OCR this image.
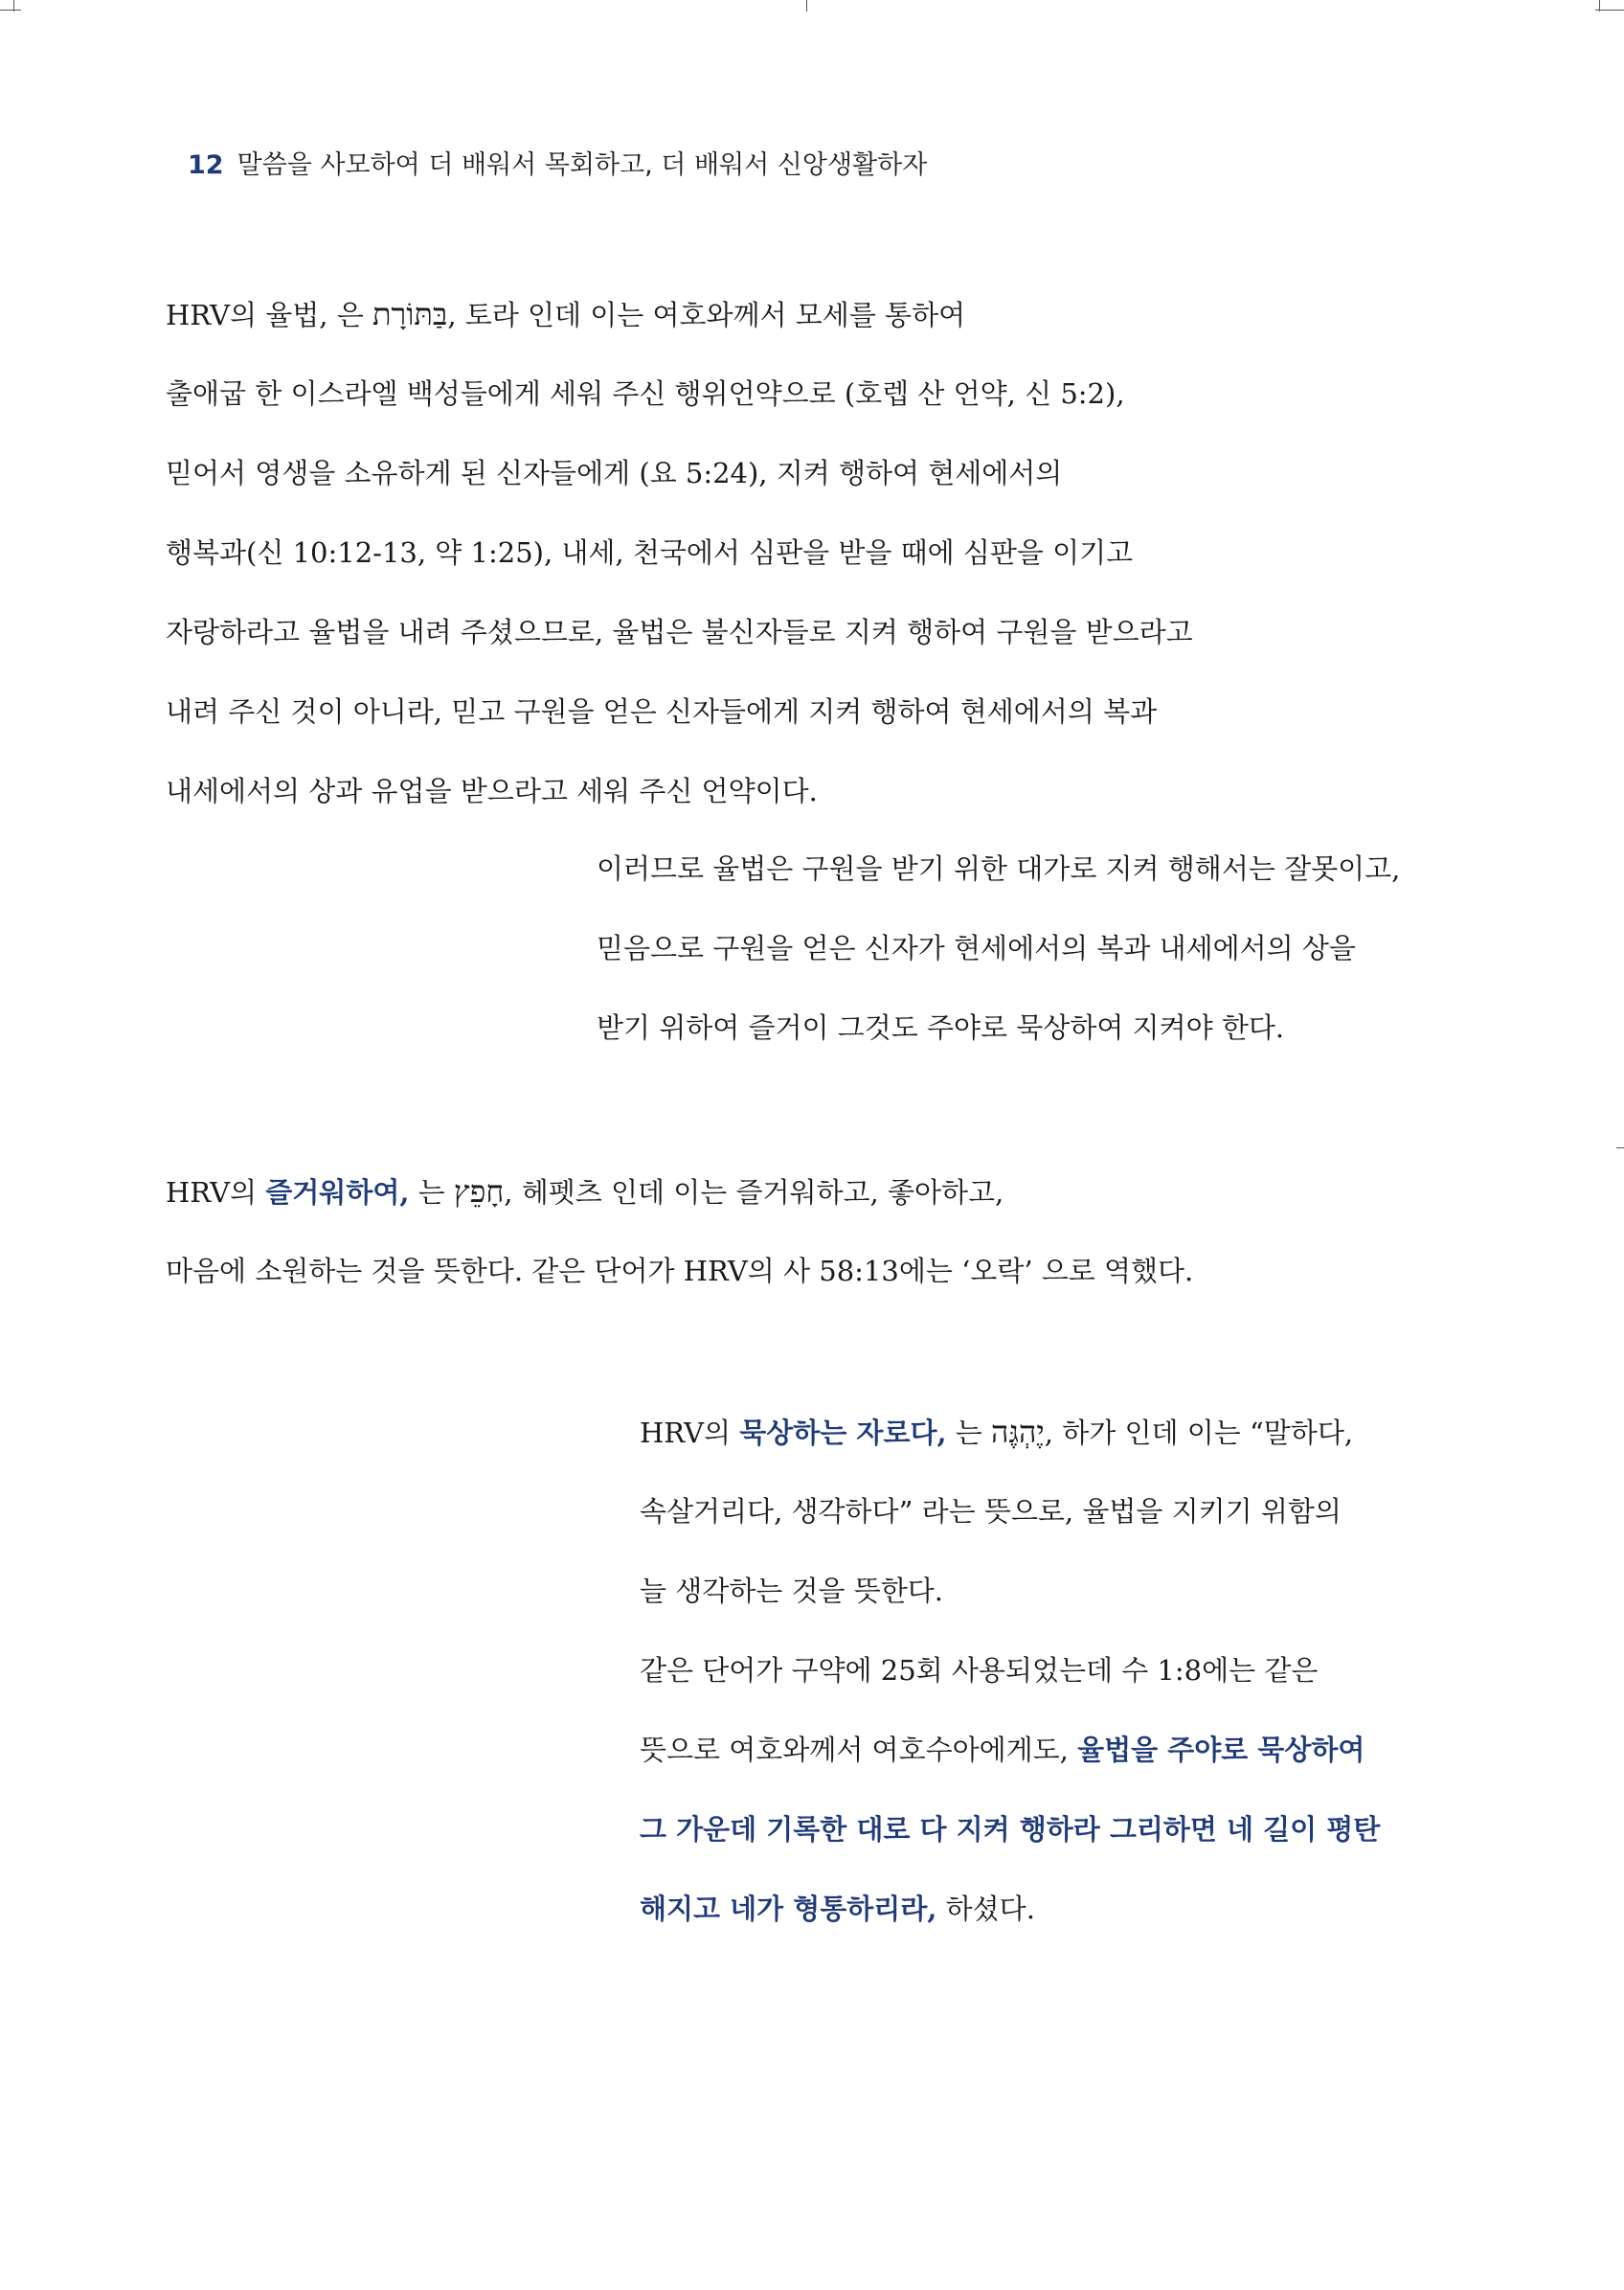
12 말씀을 사모하여 더 배워서 목회하고, 더 배워서 신앙생활하자
HRV의 율법, 은 בַּתּוֹרָת, 토라 인데 이는 여호와께서 모세를 통하여
출애굽 한 이스라엘 백성들에게 세워 주신 행위언약으로 (호렙 산 언약, 신 5:2),
믿어서 영생을 소유하게 된 신자들에게 (요 5:24), 지켜 행하여 현세에서의
행복과(신 10:12-13, 약 1:25), 내세, 천국에서 심판을 받을 때에 심판을 이기고
자랑하라고 율법을 내려 주셨으므로, 율법은 불신자들로 지켜 행하여 구원을 받으라고
내려 주신 것이 아니라, 믿고 구원을 얻은 신자들에게 지켜 행하여 현세에서의 복과
내세에서의 상과 유업을 받으라고 세워 주신 언약이다.
이러므로 율법은 구원을 받기 위한 대가로 지켜 행해서는 잘못이고,
믿음으로 구원을 얻은 신자가 현세에서의 복과 내세에서의 상을
받기 위하여 즐거이 그것도 주야로 묵상하여 지켜야 한다.
HRV의 즐거워하여, 는 חָפֵץ, 헤펫츠 인데 이는 즐거워하고, 좋아하고,
마음에 소원하는 것을 뜻한다. 같은 단어가 HRV의 사 58:13에는 ‘오락’ 으로 역했다.
HRV의 묵상하는 자로다, 는 יֶהְגֶּה, 하가 인데 이는 “말하다,
속살거리다, 생각하다” 라는 뜻으로, 율법을 지키기 위함의
늘 생각하는 것을 뜻한다.
같은 단어가 구약에 25회 사용되었는데 수 1:8에는 같은
뜻으로 여호와께서 여호수아에게도, 율법을 주야로 묵상하여
그 가운데 기록한 대로 다 지켜 행하라 그리하면 네 길이 평탄
해지고 네가 형통하리라, 하셨다.
